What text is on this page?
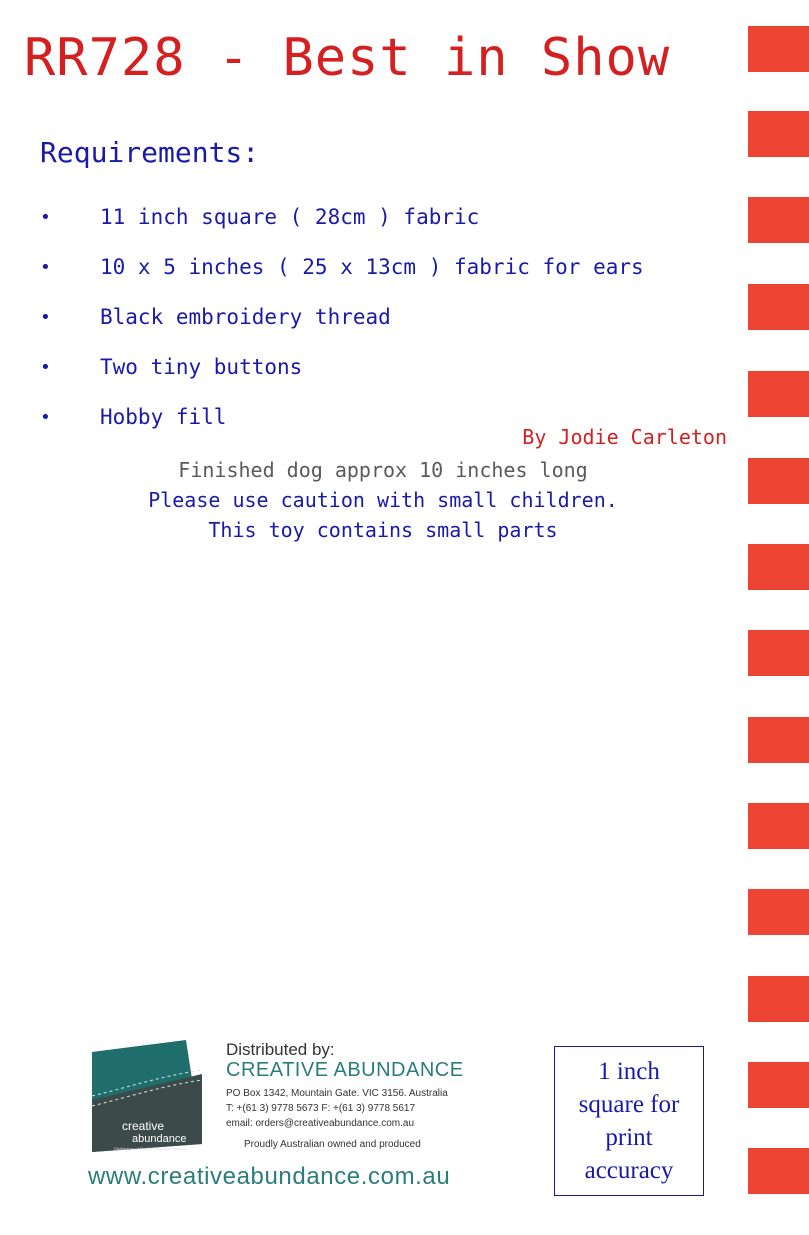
RR728 - Best in Show
Requirements:
•	11 inch square ( 28cm ) fabric
•	10 x 5 inches ( 25 x 13cm ) fabric for ears
•	Black embroidery thread
•	Two tiny buttons
•	Hobby fill
By Jodie Carleton
Finished dog approx 10 inches long
Please use caution with small children.
This toy contains small parts
creative
abundance
Distributors of Quality Australian Designs
Distributed by:
CREATIVE ABUNDANCE
PO Box 1342, Mountain Gate. VIC 3156. Australia
T: +(61 3) 9778 5673 F: +(61 3) 9778 5617
email: orders@creativeabundance.com.au
Proudly Australian owned and produced
www.creativeabundance.com.au
1 inch
square for
print
accuracy
